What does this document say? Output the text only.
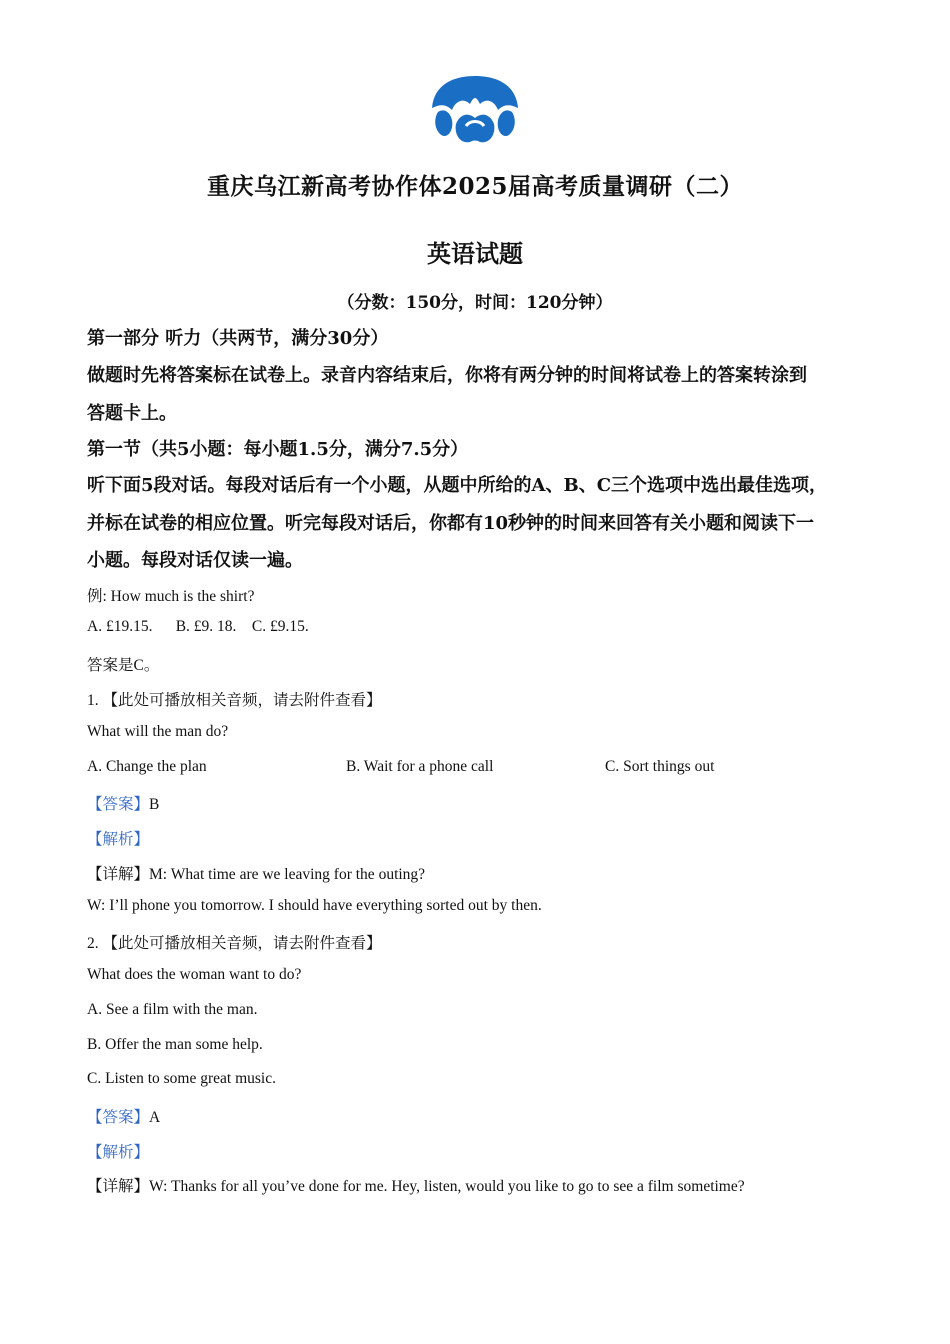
重庆乌江新高考协作体2025届高考质量调研（二）
英语试题
（分数：150分，时间：120分钟）
第一部分 听力（共两节，满分30分）
做题时先将答案标在试卷上。录音内容结束后，你将有两分钟的时间将试卷上的答案转涂到
答题卡上。
第一节（共5小题：每小题1.5分，满分7.5分）
听下面5段对话。每段对话后有一个小题，从题中所给的A、B、C三个选项中选出最佳选项，
并标在试卷的相应位置。听完每段对话后，你都有10秒钟的时间来回答有关小题和阅读下一
小题。每段对话仅读一遍。
例: How much is the shirt?
A. £19.15.      B. £9. 18.    C. £9.15.
答案是C。
1. 【此处可播放相关音频，请去附件查看】
What will the man do?
A. Change the plan	B. Wait for a phone call	C. Sort things out
【答案】B
【解析】
【详解】M: What time are we leaving for the outing?
W: I’ll phone you tomorrow. I should have everything sorted out by then.
2. 【此处可播放相关音频，请去附件查看】
What does the woman want to do?
A. See a film with the man.
B. Offer the man some help.
C. Listen to some great music.
【答案】A
【解析】
【详解】W: Thanks for all you’ve done for me. Hey, listen, would you like to go to see a film sometime?
